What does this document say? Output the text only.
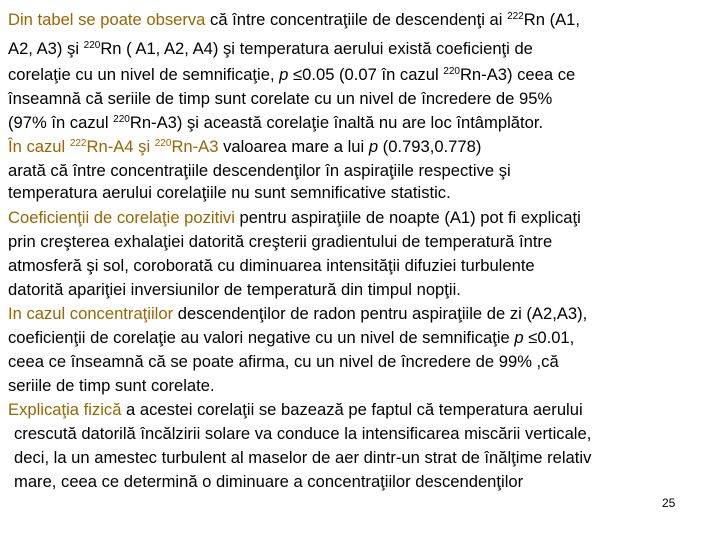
Din tabel se poate observa că între concentraţiile de descendenţi ai $^{222}$Rn (A1,
A2, A3) şi $^{220}$Rn ( A1, A2, A4) şi temperatura aerului există coeficienţi de
corelaţie cu un nivel de semnificaţie, p ≤0.05 (0.07 în cazul $^{220}$Rn-A3) ceea ce
înseamnă că seriile de timp sunt corelate cu un nivel de încredere de 95%
(97% în cazul $^{220}$Rn-A3) şi această corelaţie înaltă nu are loc întâmplător.
În cazul $^{222}$Rn-A4 şi $^{220}$Rn-A3 valoarea mare a lui p (0.793,0.778)
arată că între concentraţiile descendenţilor în aspiraţiile respective şi
temperatura aerului corelaţiile nu sunt semnificative statistic.
Coeficienţii de corelaţie pozitivi pentru aspiraţiile de noapte (A1) pot fi explicaţi
prin creşterea exhalaţiei datorită creşterii gradientului de temperatură între
atmosferă şi sol, coroborată cu diminuarea intensităţii difuziei turbulente
datorită apariţiei inversiunilor de temperatură din timpul nopţii.
In cazul concentraţiilor descendenţilor de radon pentru aspiraţiile de zi (A2,A3),
coeficienţii de corelaţie au valori negative cu un nivel de semnificaţie p ≤0.01,
ceea ce înseamnă că se poate afirma, cu un nivel de încredere de 99% ,că
seriile de timp sunt corelate.
Explicaţia fizică a acestei corelaţii se bazează pe faptul că temperatura aerului
crescută datorilă încălzirii solare va conduce la intensificarea miscării verticale,
deci, la un amestec turbulent al maselor de aer dintr-un strat de înălţime relativ
mare, ceea ce determină o diminuare a concentraţiilor descendenţilor
25
